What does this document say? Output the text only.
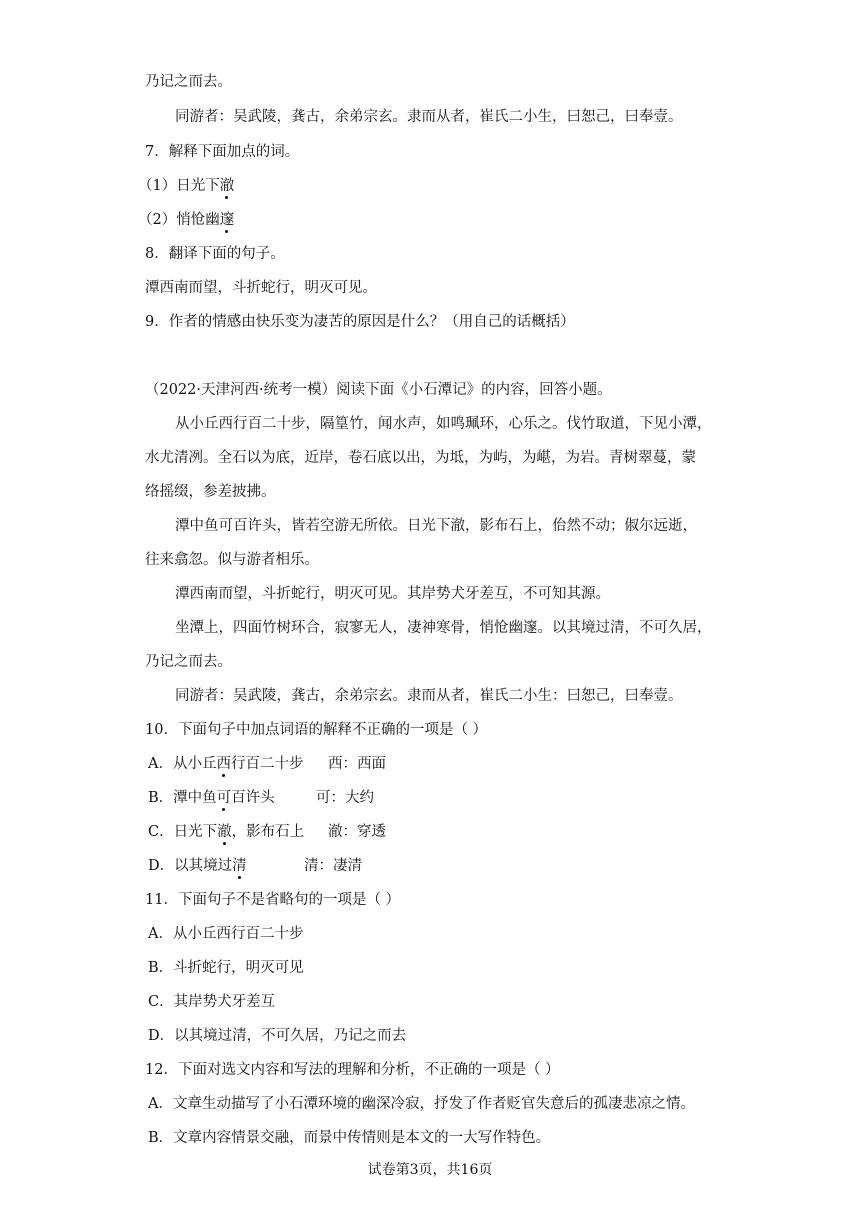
乃记之而去。
同游者：吴武陵，龚古，余弟宗玄。隶而从者，崔氏二小生，曰恕己，曰奉壹。
7．解释下面加点的词。
（1）日光下澈
（2）悄怆幽邃
8．翻译下面的句子。
潭西南而望，斗折蛇行，明灭可见。
9．作者的情感由快乐变为凄苦的原因是什么？（用自己的话概括）
（2022·天津河西·统考一模）阅读下面《小石潭记》的内容，回答小题。
从小丘西行百二十步，隔篁竹，闻水声，如鸣珮环，心乐之。伐竹取道，下见小潭，
水尤清冽。全石以为底，近岸，卷石底以出，为坻，为屿，为嵁，为岩。青树翠蔓，蒙
络摇缀，参差披拂。
潭中鱼可百许头，皆若空游无所依。日光下澈，影布石上，佁然不动；俶尔远逝，
往来翕忽。似与游者相乐。
潭西南而望，斗折蛇行，明灭可见。其岸势犬牙差互，不可知其源。
坐潭上，四面竹树环合，寂寥无人，凄神寒骨，悄怆幽邃。以其境过清，不可久居，
乃记之而去。
同游者：吴武陵，龚古，余弟宗玄。隶而从者，崔氏二小生：曰恕己，曰奉壹。
10．下面句子中加点词语的解释不正确的一项是（ ）
A．从小丘西行百二十步 西：西面
B．潭中鱼可百许头	可：大约
C．日光下澈，影布石上 澈：穿透
D．以其境过清	清：凄清
11．下面句子不是省略句的一项是（ ）
A．从小丘西行百二十步
B．斗折蛇行，明灭可见
C．其岸势犬牙差互
D．以其境过清，不可久居，乃记之而去
12．下面对选文内容和写法的理解和分析，不正确的一项是（ ）
A．文章生动描写了小石潭环境的幽深冷寂，抒发了作者贬官失意后的孤凄悲凉之情。
B．文章内容情景交融，而景中传情则是本文的一大写作特色。
试卷第3页，共16页
